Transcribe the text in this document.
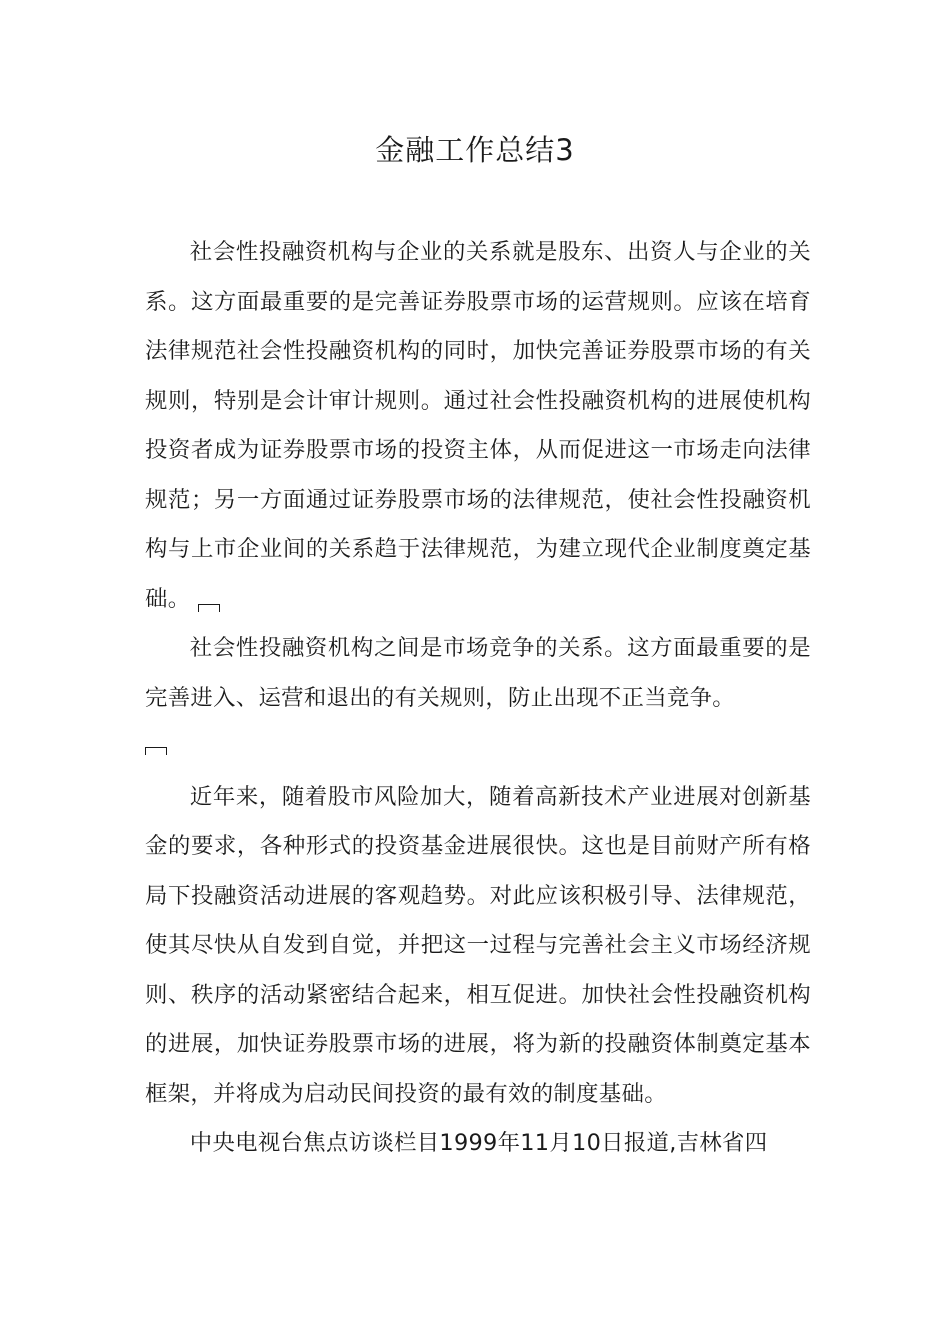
金融工作总结3

社会性投融资机构与企业的关系就是股东、出资人与企业的关系。这方面最重要的是完善证券股票市场的运营规则。应该在培育法律规范社会性投融资机构的同时，加快完善证券股票市场的有关规则，特别是会计审计规则。通过社会性投融资机构的进展使机构投资者成为证券股票市场的投资主体，从而促进这一市场走向法律规范；另一方面通过证券股票市场的法律规范，使社会性投融资机构与上市企业间的关系趋于法律规范，为建立现代企业制度奠定基础。

社会性投融资机构之间是市场竞争的关系。这方面最重要的是完善进入、运营和退出的有关规则，防止出现不正当竞争。

近年来，随着股市风险加大，随着高新技术产业进展对创新基金的要求，各种形式的投资基金进展很快。这也是目前财产所有格局下投融资活动进展的客观趋势。对此应该积极引导、法律规范，使其尽快从自发到自觉，并把这一过程与完善社会主义市场经济规则、秩序的活动紧密结合起来，相互促进。加快社会性投融资机构的进展，加快证券股票市场的进展，将为新的投融资体制奠定基本框架，并将成为启动民间投资的最有效的制度基础。

中央电视台焦点访谈栏目1999年11月10日报道,吉林省四
